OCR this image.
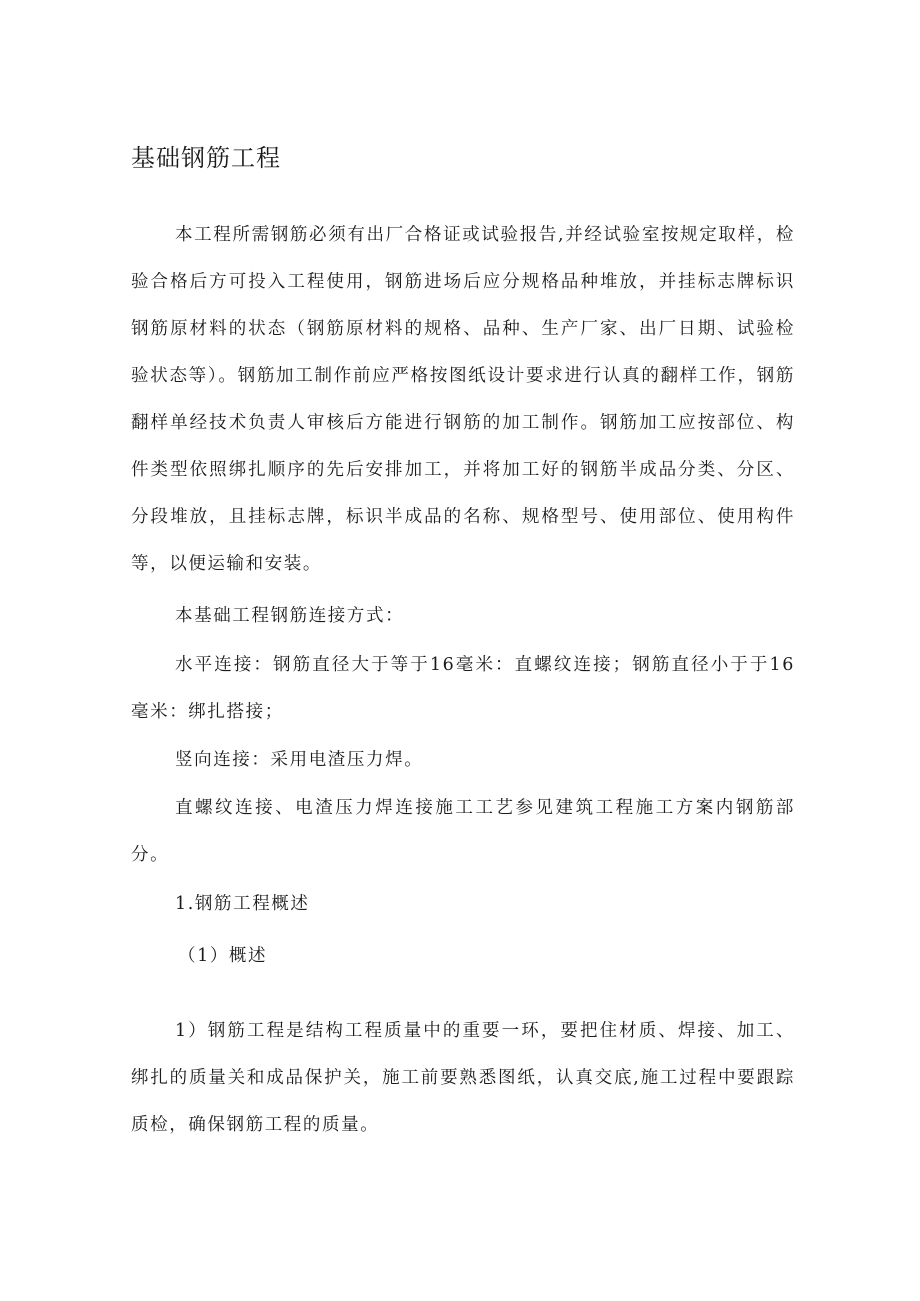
基础钢筋工程

本工程所需钢筋必须有出厂合格证或试验报告,并经试验室按规定取样，检验合格后方可投入工程使用，钢筋进场后应分规格品种堆放，并挂标志牌标识钢筋原材料的状态（钢筋原材料的规格、品种、生产厂家、出厂日期、试验检验状态等）。钢筋加工制作前应严格按图纸设计要求进行认真的翻样工作，钢筋翻样单经技术负责人审核后方能进行钢筋的加工制作。钢筋加工应按部位、构件类型依照绑扎顺序的先后安排加工，并将加工好的钢筋半成品分类、分区、分段堆放，且挂标志牌，标识半成品的名称、规格型号、使用部位、使用构件等，以便运输和安装。

本基础工程钢筋连接方式：

水平连接：钢筋直径大于等于16毫米：直螺纹连接；钢筋直径小于于16毫米：绑扎搭接；

竖向连接：采用电渣压力焊。

直螺纹连接、电渣压力焊连接施工工艺参见建筑工程施工方案内钢筋部分。

1.钢筋工程概述

（1）概述

1）钢筋工程是结构工程质量中的重要一环，要把住材质、焊接、加工、绑扎的质量关和成品保护关，施工前要熟悉图纸，认真交底,施工过程中要跟踪质检，确保钢筋工程的质量。
